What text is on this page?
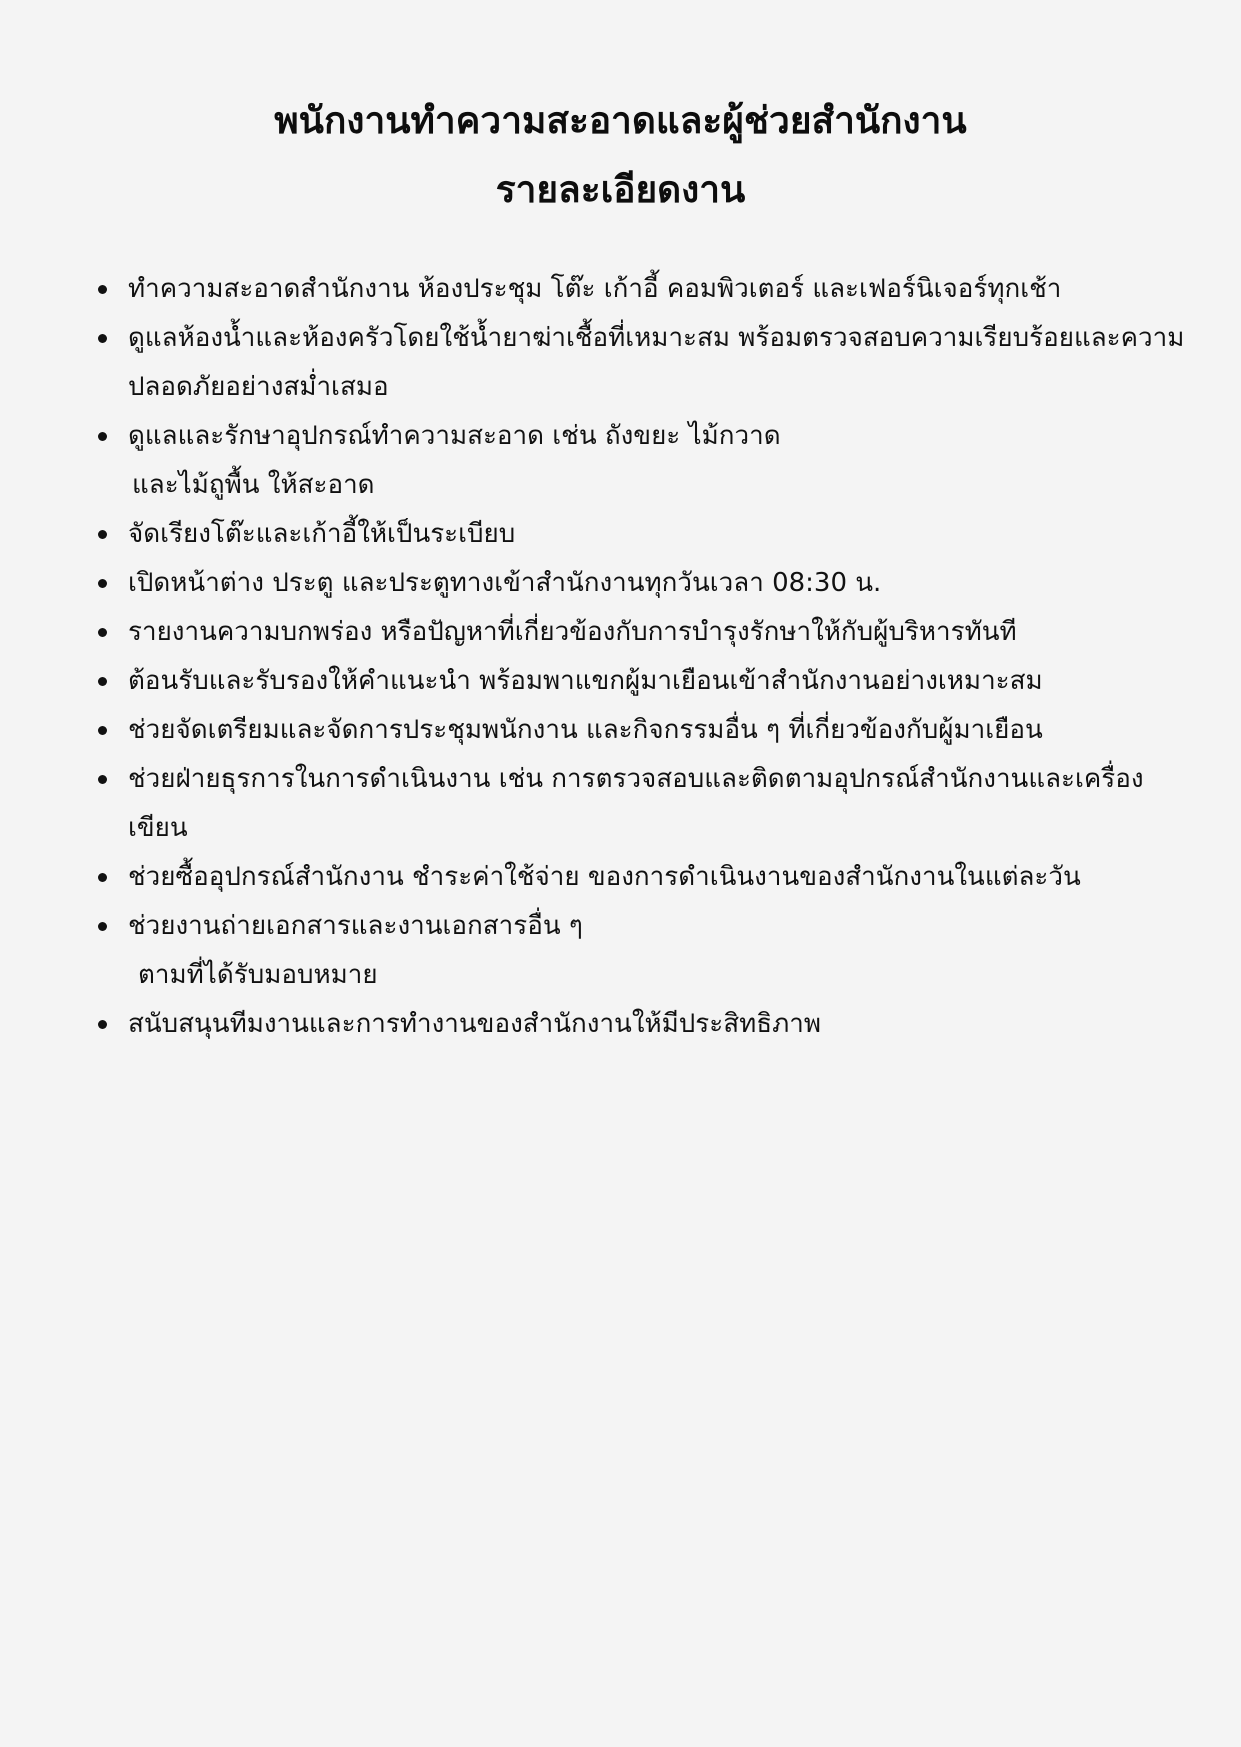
พนักงานทำความสะอาดและผู้ช่วยสำนักงาน
รายละเอียดงาน
ทำความสะอาดสำนักงาน ห้องประชุม โต๊ะ เก้าอี้ คอมพิวเตอร์ และเฟอร์นิเจอร์ทุกเช้า
ดูแลห้องน้ำและห้องครัวโดยใช้น้ำยาฆ่าเชื้อที่เหมาะสม พร้อมตรวจสอบความเรียบร้อยและความ
ปลอดภัยอย่างสม่ำเสมอ
ดูแลและรักษาอุปกรณ์ทำความสะอาด เช่น ถังขยะ ไม้กวาด
และไม้ถูพื้น ให้สะอาด
จัดเรียงโต๊ะและเก้าอี้ให้เป็นระเบียบ
เปิดหน้าต่าง ประตู และประตูทางเข้าสำนักงานทุกวันเวลา 08:30 น.
รายงานความบกพร่อง หรือปัญหาที่เกี่ยวข้องกับการบำรุงรักษาให้กับผู้บริหารทันที
ต้อนรับและรับรองให้คำแนะนำ พร้อมพาแขกผู้มาเยือนเข้าสำนักงานอย่างเหมาะสม
ช่วยจัดเตรียมและจัดการประชุมพนักงาน และกิจกรรมอื่น ๆ ที่เกี่ยวข้องกับผู้มาเยือน
ช่วยฝ่ายธุรการในการดำเนินงาน เช่น การตรวจสอบและติดตามอุปกรณ์สำนักงานและเครื่อง
เขียน
ช่วยซื้ออุปกรณ์สำนักงาน ชำระค่าใช้จ่าย ของการดำเนินงานของสำนักงานในแต่ละวัน
ช่วยงานถ่ายเอกสารและงานเอกสารอื่น ๆ
ตามที่ได้รับมอบหมาย
สนับสนุนทีมงานและการทำงานของสำนักงานให้มีประสิทธิภาพ
